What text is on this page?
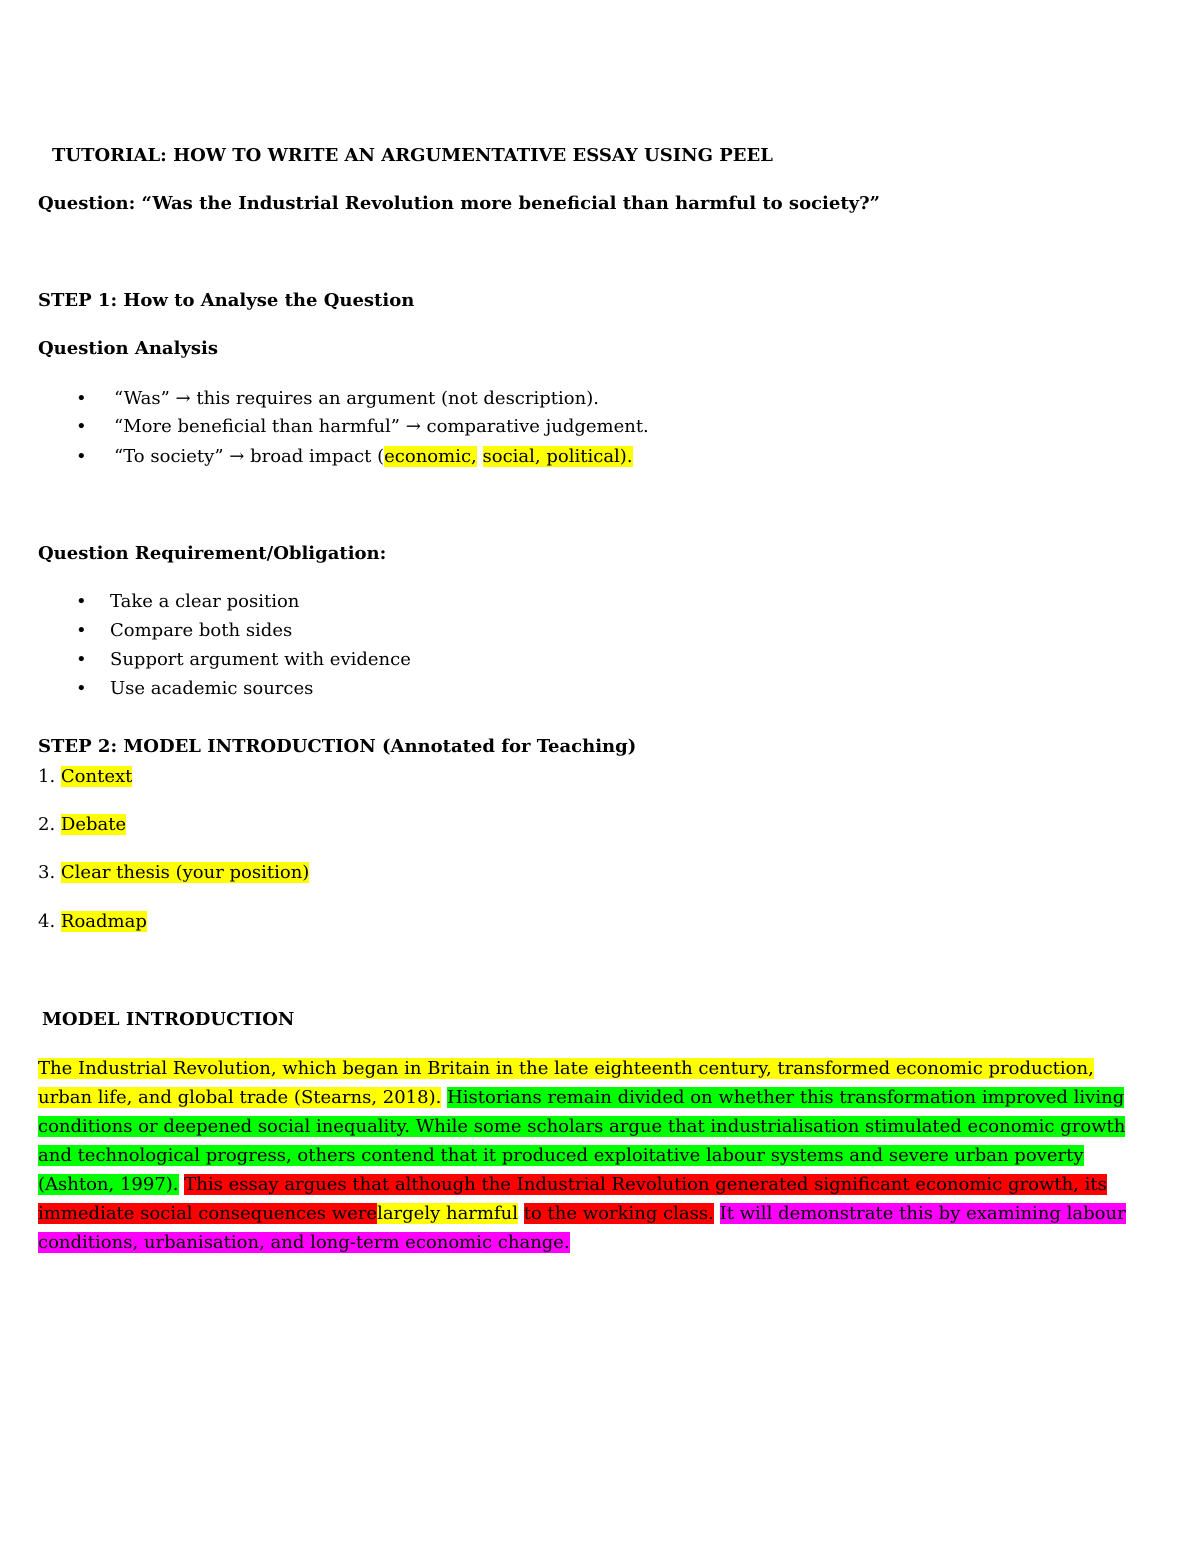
TUTORIAL: HOW TO WRITE AN ARGUMENTATIVE ESSAY USING PEEL
Question: “Was the Industrial Revolution more beneficial than harmful to society?”
STEP 1: How to Analyse the Question
Question Analysis
• “Was” → this requires an argument (not description).
• “More beneficial than harmful” → comparative judgement.
• “To society” → broad impact (economic, social, political).
Question Requirement/Obligation:
• Take a clear position
• Compare both sides
• Support argument with evidence
• Use academic sources
STEP 2: MODEL INTRODUCTION (Annotated for Teaching)
1. Context
2. Debate
3. Clear thesis (your position)
4. Roadmap
MODEL INTRODUCTION
The Industrial Revolution, which began in Britain in the late eighteenth century, transformed economic production, urban life, and global trade (Stearns, 2018). Historians remain divided on whether this transformation improved living conditions or deepened social inequality. While some scholars argue that industrialisation stimulated economic growth and technological progress, others contend that it produced exploitative labour systems and severe urban poverty (Ashton, 1997). This essay argues that although the Industrial Revolution generated significant economic growth, its immediate social consequences werelargely harmful to the working class. It will demonstrate this by examining labour conditions, urbanisation, and long-term economic change.
